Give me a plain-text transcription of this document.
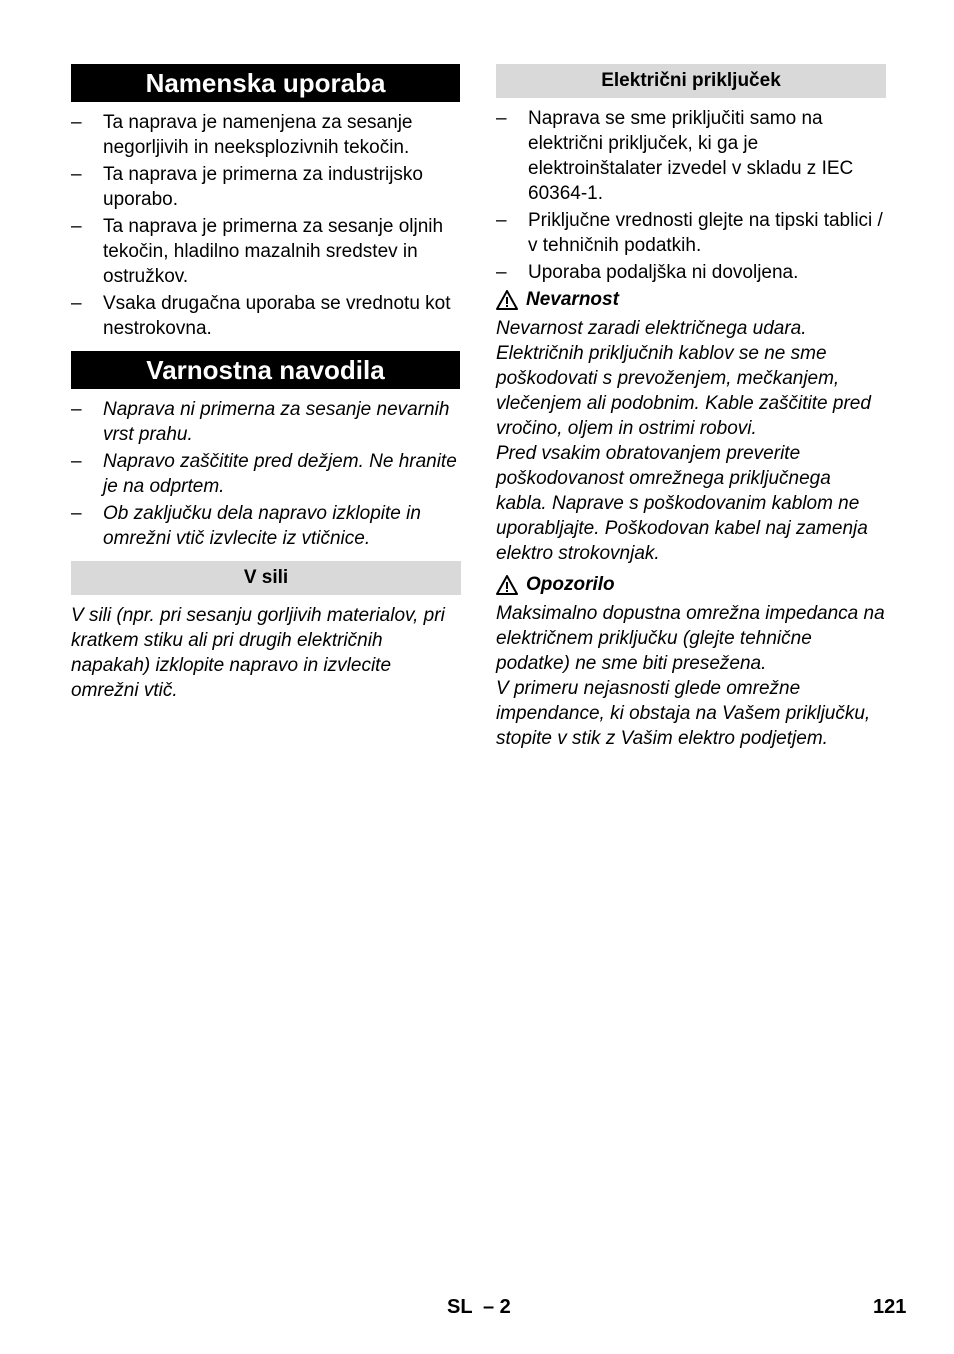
Namenska uporaba
– Ta naprava je namenjena za sesanje negorljivih in neeksplozivnih tekočin.
– Ta naprava je primerna za industrijsko uporabo.
– Ta naprava je primerna za sesanje oljnih tekočin, hladilno mazalnih sredstev in ostružkov.
– Vsaka drugačna uporaba se vrednotu kot nestrokovna.
Varnostna navodila
– Naprava ni primerna za sesanje nevarnih vrst prahu.
– Napravo zaščitite pred dežjem. Ne hranite je na odprtem.
– Ob zaključku dela napravo izklopite in omrežni vtič izvlecite iz vtičnice.
V sili

V sili (npr. pri sesanju gorljivih materialov, pri kratkem stiku ali pri drugih električnih napakah) izklopite napravo in izvlecite omrežni vtič.

Električni priključek
– Naprava se sme priključiti samo na električni priključek, ki ga je elektroinštalater izvedel v skladu z IEC 60364-1.
– Priključne vrednosti glejte na tipski tablici / v tehničnih podatkih.
– Uporaba podaljška ni dovoljena.
Nevarnost

Nevarnost zaradi električnega udara. Električnih priključnih kablov se ne sme poškodovati s prevoženjem, mečkanjem, vlečenjem ali podobnim. Kable zaščitite pred vročino, oljem in ostrimi robovi.

Pred vsakim obratovanjem preverite poškodovanost omrežnega priključnega kabla. Naprave s poškodovanim kablom ne uporabljajte. Poškodovan kabel naj zamenja elektro strokovnjak.

Opozorilo

Maksimalno dopustna omrežna impedanca na električnem priključku (glejte tehnične podatke) ne sme biti presežena.

V primeru nejasnosti glede omrežne impendance, ki obstaja na Vašem priključku, stopite v stik z Vašim elektro podjetjem.

SL – 2	121
